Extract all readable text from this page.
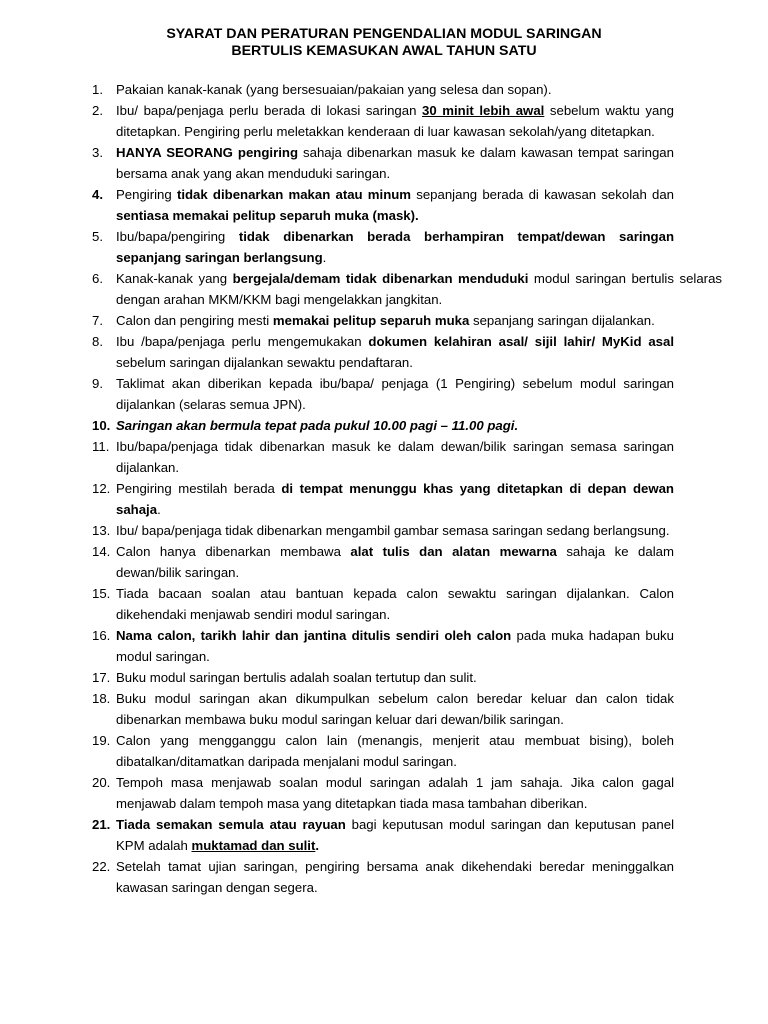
SYARAT DAN PERATURAN PENGENDALIAN MODUL SARINGAN
BERTULIS KEMASUKAN AWAL TAHUN SATU
1. Pakaian kanak-kanak (yang bersesuaian/pakaian yang selesa dan sopan).
2. Ibu/ bapa/penjaga perlu berada di lokasi saringan 30 minit lebih awal sebelum waktu yang ditetapkan. Pengiring perlu meletakkan kenderaan di luar kawasan sekolah/yang ditetapkan.
3. HANYA SEORANG pengiring sahaja dibenarkan masuk ke dalam kawasan tempat saringan bersama anak yang akan menduduki saringan.
4. Pengiring tidak dibenarkan makan atau minum sepanjang berada di kawasan sekolah dan sentiasa memakai pelitup separuh muka (mask).
5. Ibu/bapa/pengiring tidak dibenarkan berada berhampiran tempat/dewan saringan sepanjang saringan berlangsung.
6. Kanak-kanak yang bergejala/demam tidak dibenarkan menduduki modul saringan bertulis selaras dengan arahan MKM/KKM bagi mengelakkan jangkitan.
7. Calon dan pengiring mesti memakai pelitup separuh muka sepanjang saringan dijalankan.
8. Ibu /bapa/penjaga perlu mengemukakan dokumen kelahiran asal/ sijil lahir/ MyKid asal sebelum saringan dijalankan sewaktu pendaftaran.
9. Taklimat akan diberikan kepada ibu/bapa/ penjaga (1 Pengiring) sebelum modul saringan dijalankan (selaras semua JPN).
10. Saringan akan bermula tepat pada pukul 10.00 pagi – 11.00 pagi.
11. Ibu/bapa/penjaga tidak dibenarkan masuk ke dalam dewan/bilik saringan semasa saringan dijalankan.
12. Pengiring mestilah berada di tempat menunggu khas yang ditetapkan di depan dewan sahaja.
13. Ibu/ bapa/penjaga tidak dibenarkan mengambil gambar semasa saringan sedang berlangsung.
14. Calon hanya dibenarkan membawa alat tulis dan alatan mewarna sahaja ke dalam dewan/bilik saringan.
15. Tiada bacaan soalan atau bantuan kepada calon sewaktu saringan dijalankan. Calon dikehendaki menjawab sendiri modul saringan.
16. Nama calon, tarikh lahir dan jantina ditulis sendiri oleh calon pada muka hadapan buku modul saringan.
17. Buku modul saringan bertulis adalah soalan tertutup dan sulit.
18. Buku modul saringan akan dikumpulkan sebelum calon beredar keluar dan calon tidak dibenarkan membawa buku modul saringan keluar dari dewan/bilik saringan.
19. Calon yang mengganggu calon lain (menangis, menjerit atau membuat bising), boleh dibatalkan/ditamatkan daripada menjalani modul saringan.
20. Tempoh masa menjawab soalan modul saringan adalah 1 jam sahaja. Jika calon gagal menjawab dalam tempoh masa yang ditetapkan tiada masa tambahan diberikan.
21. Tiada semakan semula atau rayuan bagi keputusan modul saringan dan keputusan panel KPM adalah muktamad dan sulit.
22. Setelah tamat ujian saringan, pengiring bersama anak dikehendaki beredar meninggalkan kawasan saringan dengan segera.
